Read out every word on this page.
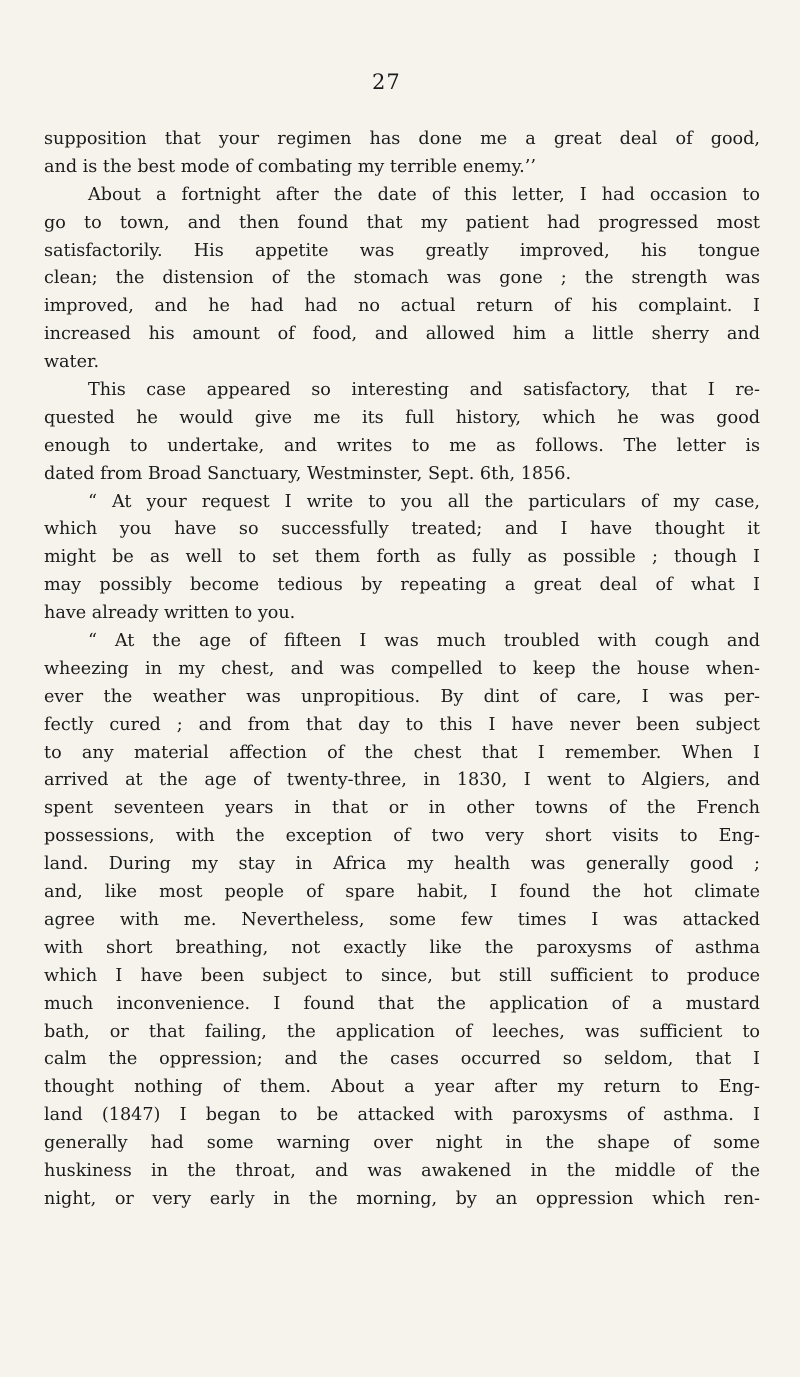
27
supposition that your regimen has done me a great deal of good,
and is the best mode of combating my terrible enemy.’’
About a fortnight after the date of this letter, I had occasion to
go to town, and then found that my patient had progressed most
satisfactorily. His appetite was greatly improved, his tongue
clean; the distension of the stomach was gone ; the strength was
improved, and he had had no actual return of his complaint. I
increased his amount of food, and allowed him a little sherry and
water.
This case appeared so interesting and satisfactory, that I re-
quested he would give me its full history, which he was good
enough to undertake, and writes to me as follows. The letter is
dated from Broad Sanctuary, Westminster, Sept. 6th, 1856.
“ At your request I write to you all the particulars of my case,
which you have so successfully treated; and I have thought it
might be as well to set them forth as fully as possible ; though I
may possibly become tedious by repeating a great deal of what I
have already written to you.
“ At the age of fifteen I was much troubled with cough and
wheezing in my chest, and was compelled to keep the house when-
ever the weather was unpropitious. By dint of care, I was per-
fectly cured ; and from that day to this I have never been subject
to any material affection of the chest that I remember. When I
arrived at the age of twenty-three, in 1830, I went to Algiers, and
spent seventeen years in that or in other towns of the French
possessions, with the exception of two very short visits to Eng-
land. During my stay in Africa my health was generally good ;
and, like most people of spare habit, I found the hot climate
agree with me. Nevertheless, some few times I was attacked
with short breathing, not exactly like the paroxysms of asthma
which I have been subject to since, but still sufficient to produce
much inconvenience. I found that the application of a mustard
bath, or that failing, the application of leeches, was sufficient to
calm the oppression; and the cases occurred so seldom, that I
thought nothing of them. About a year after my return to Eng-
land (1847) I began to be attacked with paroxysms of asthma. I
generally had some warning over night in the shape of some
huskiness in the throat, and was awakened in the middle of the
night, or very early in the morning, by an oppression which ren-
